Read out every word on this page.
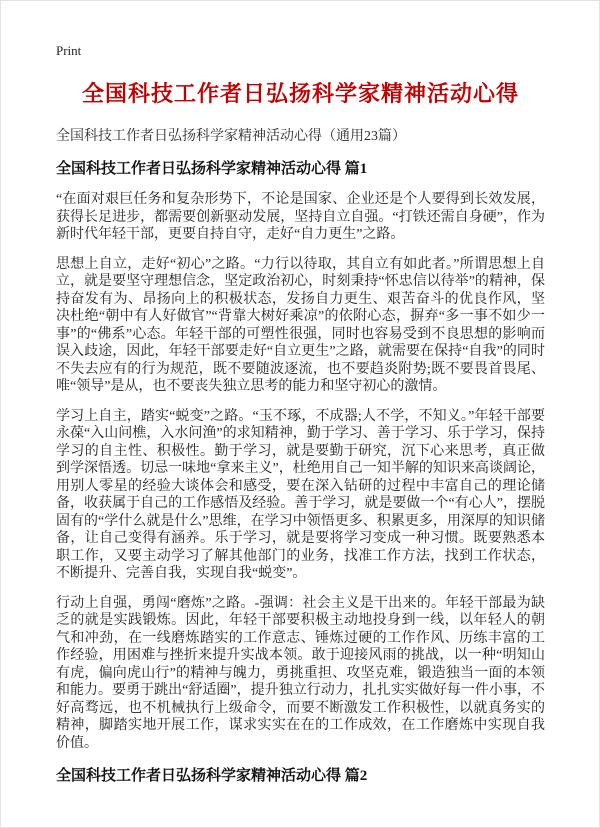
Print
全国科技工作者日弘扬科学家精神活动心得
全国科技工作者日弘扬科学家精神活动心得（通用23篇）
全国科技工作者日弘扬科学家精神活动心得 篇1

“在面对艰巨任务和复杂形势下，不论是国家、企业还是个人要得到长效发展，获得长足进步，都需要创新驱动发展，坚持自立自强。“打铁还需自身硬”，作为新时代年轻干部，更要自持自守，走好“自力更生”之路。

思想上自立，走好“初心”之路。“力行以待取，其自立有如此者。”所谓思想上自立，就是要坚守理想信念，坚定政治初心，时刻秉持“怀忠信以待举”的精神，保持奋发有为、昂扬向上的积极状态，发扬自力更生、艰苦奋斗的优良作风，坚决杜绝“朝中有人好做官”“背靠大树好乘凉”的依附心态，摒弃“多一事不如少一事”的“佛系”心态。年轻干部的可塑性很强，同时也容易受到不良思想的影响而误入歧途，因此，年轻干部要走好“自立更生”之路，就需要在保持“自我”的同时不失去应有的行为规范，既不要随波逐流，也不要趋炎附势;既不要畏首畏尾、唯“领导”是从，也不要丧失独立思考的能力和坚守初心的激情。

学习上自主，踏实“蜕变”之路。“玉不琢，不成器;人不学，不知义。”年轻干部要永葆“入山问樵，入水问渔”的求知精神，勤于学习、善于学习、乐于学习，保持学习的自主性、积极性。勤于学习，就是要勤于研究，沉下心来思考，真正做到学深悟透。切忌一味地“拿来主义”，杜绝用自己一知半解的知识来高谈阔论，用别人零星的经验大谈体会和感受，要在深入钻研的过程中丰富自己的理论储备，收获属于自己的工作感悟及经验。善于学习，就是要做一个“有心人”，摆脱固有的“学什么就是什么”思维，在学习中领悟更多、积累更多，用深厚的知识储备，让自己变得有涵养。乐于学习，就是要将学习变成一种习惯。既要熟悉本职工作，又要主动学习了解其他部门的业务，找准工作方法，找到工作状态，不断提升、完善自我，实现自我“蜕变”。

行动上自强，勇闯“磨炼”之路。-强调：社会主义是干出来的。年轻干部最为缺乏的就是实践锻炼。因此，年轻干部要积极主动地投身到一线，以年轻人的朝气和冲劲，在一线磨炼踏实的工作意志、锤炼过硬的工作作风、历练丰富的工作经验，用困难与挫折来提升实战本领。敢于迎接风雨的挑战，以一种“明知山有虎，偏向虎山行”的精神与魄力，勇挑重担、攻坚克难，锻造独当一面的本领和能力。要勇于跳出“舒适圈”，提升独立行动力，扎扎实实做好每一件小事，不好高骛远，也不机械执行上级命令，而要不断激发工作积极性，以就真务实的精神，脚踏实地开展工作，谋求实实在在的工作成效，在工作磨炼中实现自我价值。

全国科技工作者日弘扬科学家精神活动心得 篇2
